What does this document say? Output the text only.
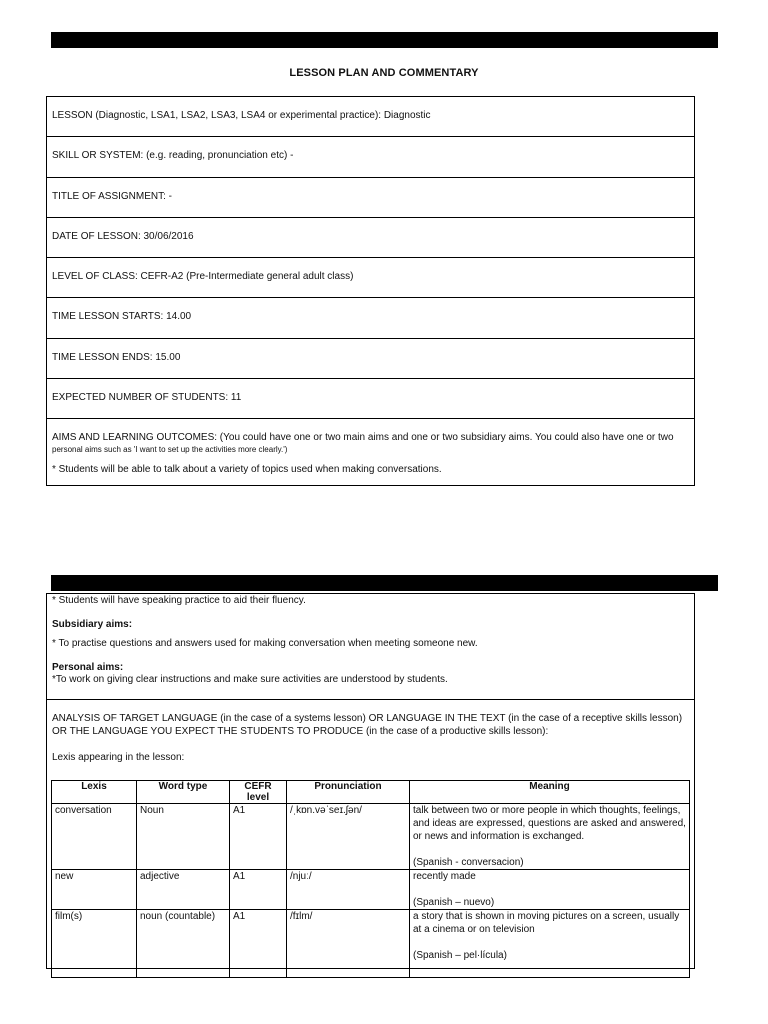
LESSON PLAN AND COMMENTARY
LESSON (Diagnostic, LSA1, LSA2, LSA3, LSA4 or experimental practice): Diagnostic
SKILL OR SYSTEM: (e.g. reading, pronunciation etc) -
TITLE OF ASSIGNMENT: -
DATE OF LESSON: 30/06/2016
LEVEL OF CLASS: CEFR-A2 (Pre-Intermediate general adult class)
TIME LESSON STARTS: 14.00
TIME LESSON ENDS: 15.00
EXPECTED NUMBER OF STUDENTS: 11

AIMS AND LEARNING OUTCOMES: (You could have one or two main aims and one or two subsidiary aims. You could also have one or two

personal aims such as 'I want to set up the activities more clearly.')

* Students will be able to talk about a variety of topics used when making conversations.

* Students will have speaking practice to aid their fluency.

Subsidiary aims:

* To practise questions and answers used for making conversation when meeting someone new.

Personal aims:

*To work on giving clear instructions and make sure activities are understood by students.

ANALYSIS OF TARGET LANGUAGE (in the case of a systems lesson) OR LANGUAGE IN THE TEXT (in the case of a receptive skills lesson)

OR THE LANGUAGE YOU EXPECT THE STUDENTS TO PRODUCE (in the case of a productive skills lesson):

Lexis appearing in the lesson:

Lexis	Word type	CEFR level	Pronunciation	Meaning
conversation	Noun	A1	/ˌkɒn.vəˈseɪ.ʃən/	talk between two or more people in which thoughts, feelings, and ideas are expressed, questions are asked and answered, or news and information is exchanged.

(Spanish - conversacion)

new	adjective	A1	/njuː/	recently made

(Spanish – nuevo)

film(s)	noun (countable)	A1	/fɪlm/	a story that is shown in moving pictures on a screen, usually at a cinema or on television

(Spanish – pel·lícula)
